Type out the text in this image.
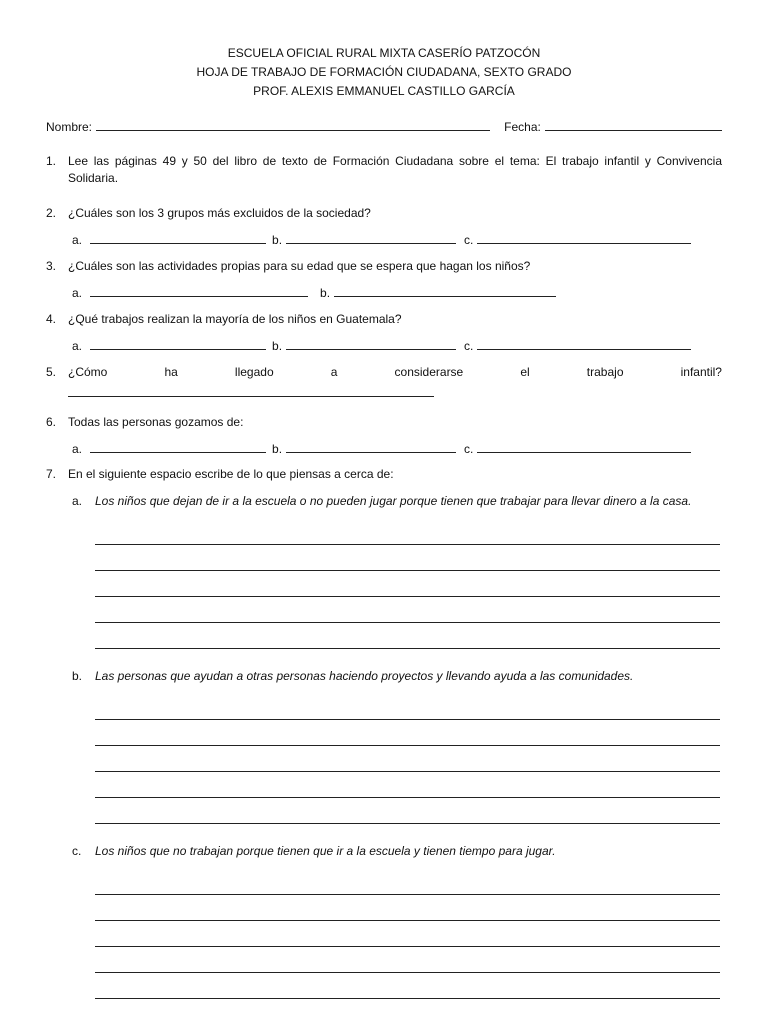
ESCUELA OFICIAL RURAL MIXTA CASERÍO PATZOCÓN
HOJA DE TRABAJO DE FORMACIÓN CIUDADANA, SEXTO GRADO
PROF. ALEXIS EMMANUEL CASTILLO GARCÍA
Nombre:	Fecha:
1. Lee las páginas 49 y 50 del libro de texto de Formación Ciudadana sobre el tema: El trabajo infantil y Convivencia Solidaria.
2. ¿Cuáles son los 3 grupos más excluidos de la sociedad?
a.	b.	c.
3. ¿Cuáles son las actividades propias para su edad que se espera que hagan los niños?
a.	b.
4. ¿Qué trabajos realizan la mayoría de los niños en Guatemala?
a.	b.	c.
5. ¿Cómo	ha	llegado	a	considerarse	el	trabajo	infantil?
6. Todas las personas gozamos de:
a.	b.	c.
7. En el siguiente espacio escribe de lo que piensas a cerca de:
a. Los niños que dejan de ir a la escuela o no pueden jugar porque tienen que trabajar para llevar dinero a la casa.
b. Las personas que ayudan a otras personas haciendo proyectos y llevando ayuda a las comunidades.
c. Los niños que no trabajan porque tienen que ir a la escuela y tienen tiempo para jugar.
